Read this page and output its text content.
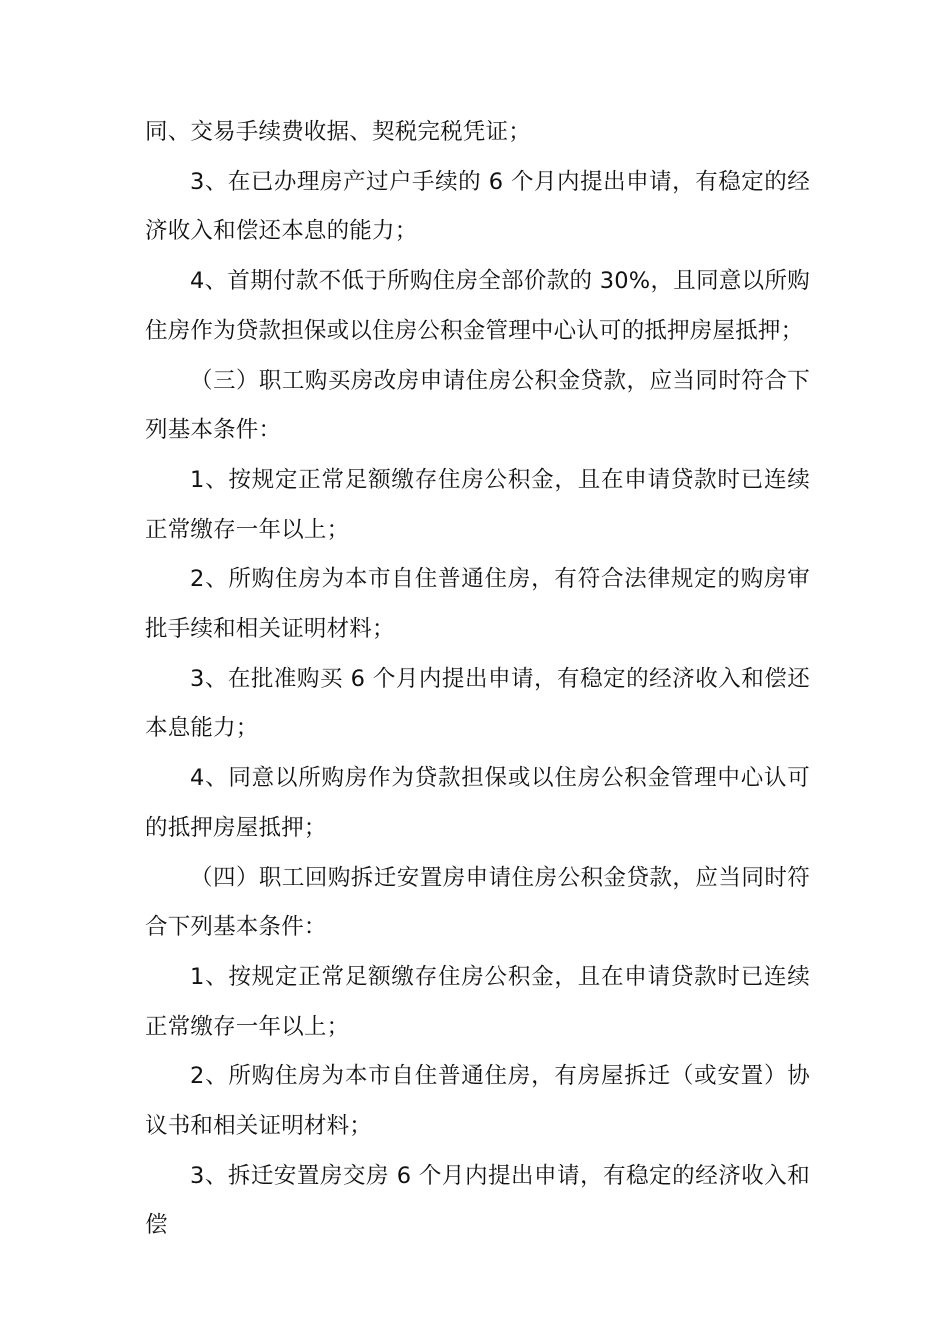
同、交易手续费收据、契税完税凭证；

3、在已办理房产过户手续的 6 个月内提出申请，有稳定的经济收入和偿还本息的能力；

4、首期付款不低于所购住房全部价款的 30%，且同意以所购住房作为贷款担保或以住房公积金管理中心认可的抵押房屋抵押；

（三）职工购买房改房申请住房公积金贷款，应当同时符合下列基本条件：

1、按规定正常足额缴存住房公积金，且在申请贷款时已连续正常缴存一年以上；

2、所购住房为本市自住普通住房，有符合法律规定的购房审批手续和相关证明材料；

3、在批准购买 6 个月内提出申请，有稳定的经济收入和偿还本息能力；

4、同意以所购房作为贷款担保或以住房公积金管理中心认可的抵押房屋抵押；

（四）职工回购拆迁安置房申请住房公积金贷款，应当同时符合下列基本条件：

1、按规定正常足额缴存住房公积金，且在申请贷款时已连续正常缴存一年以上；

2、所购住房为本市自住普通住房，有房屋拆迁（或安置）协议书和相关证明材料；

3、拆迁安置房交房 6 个月内提出申请，有稳定的经济收入和偿
